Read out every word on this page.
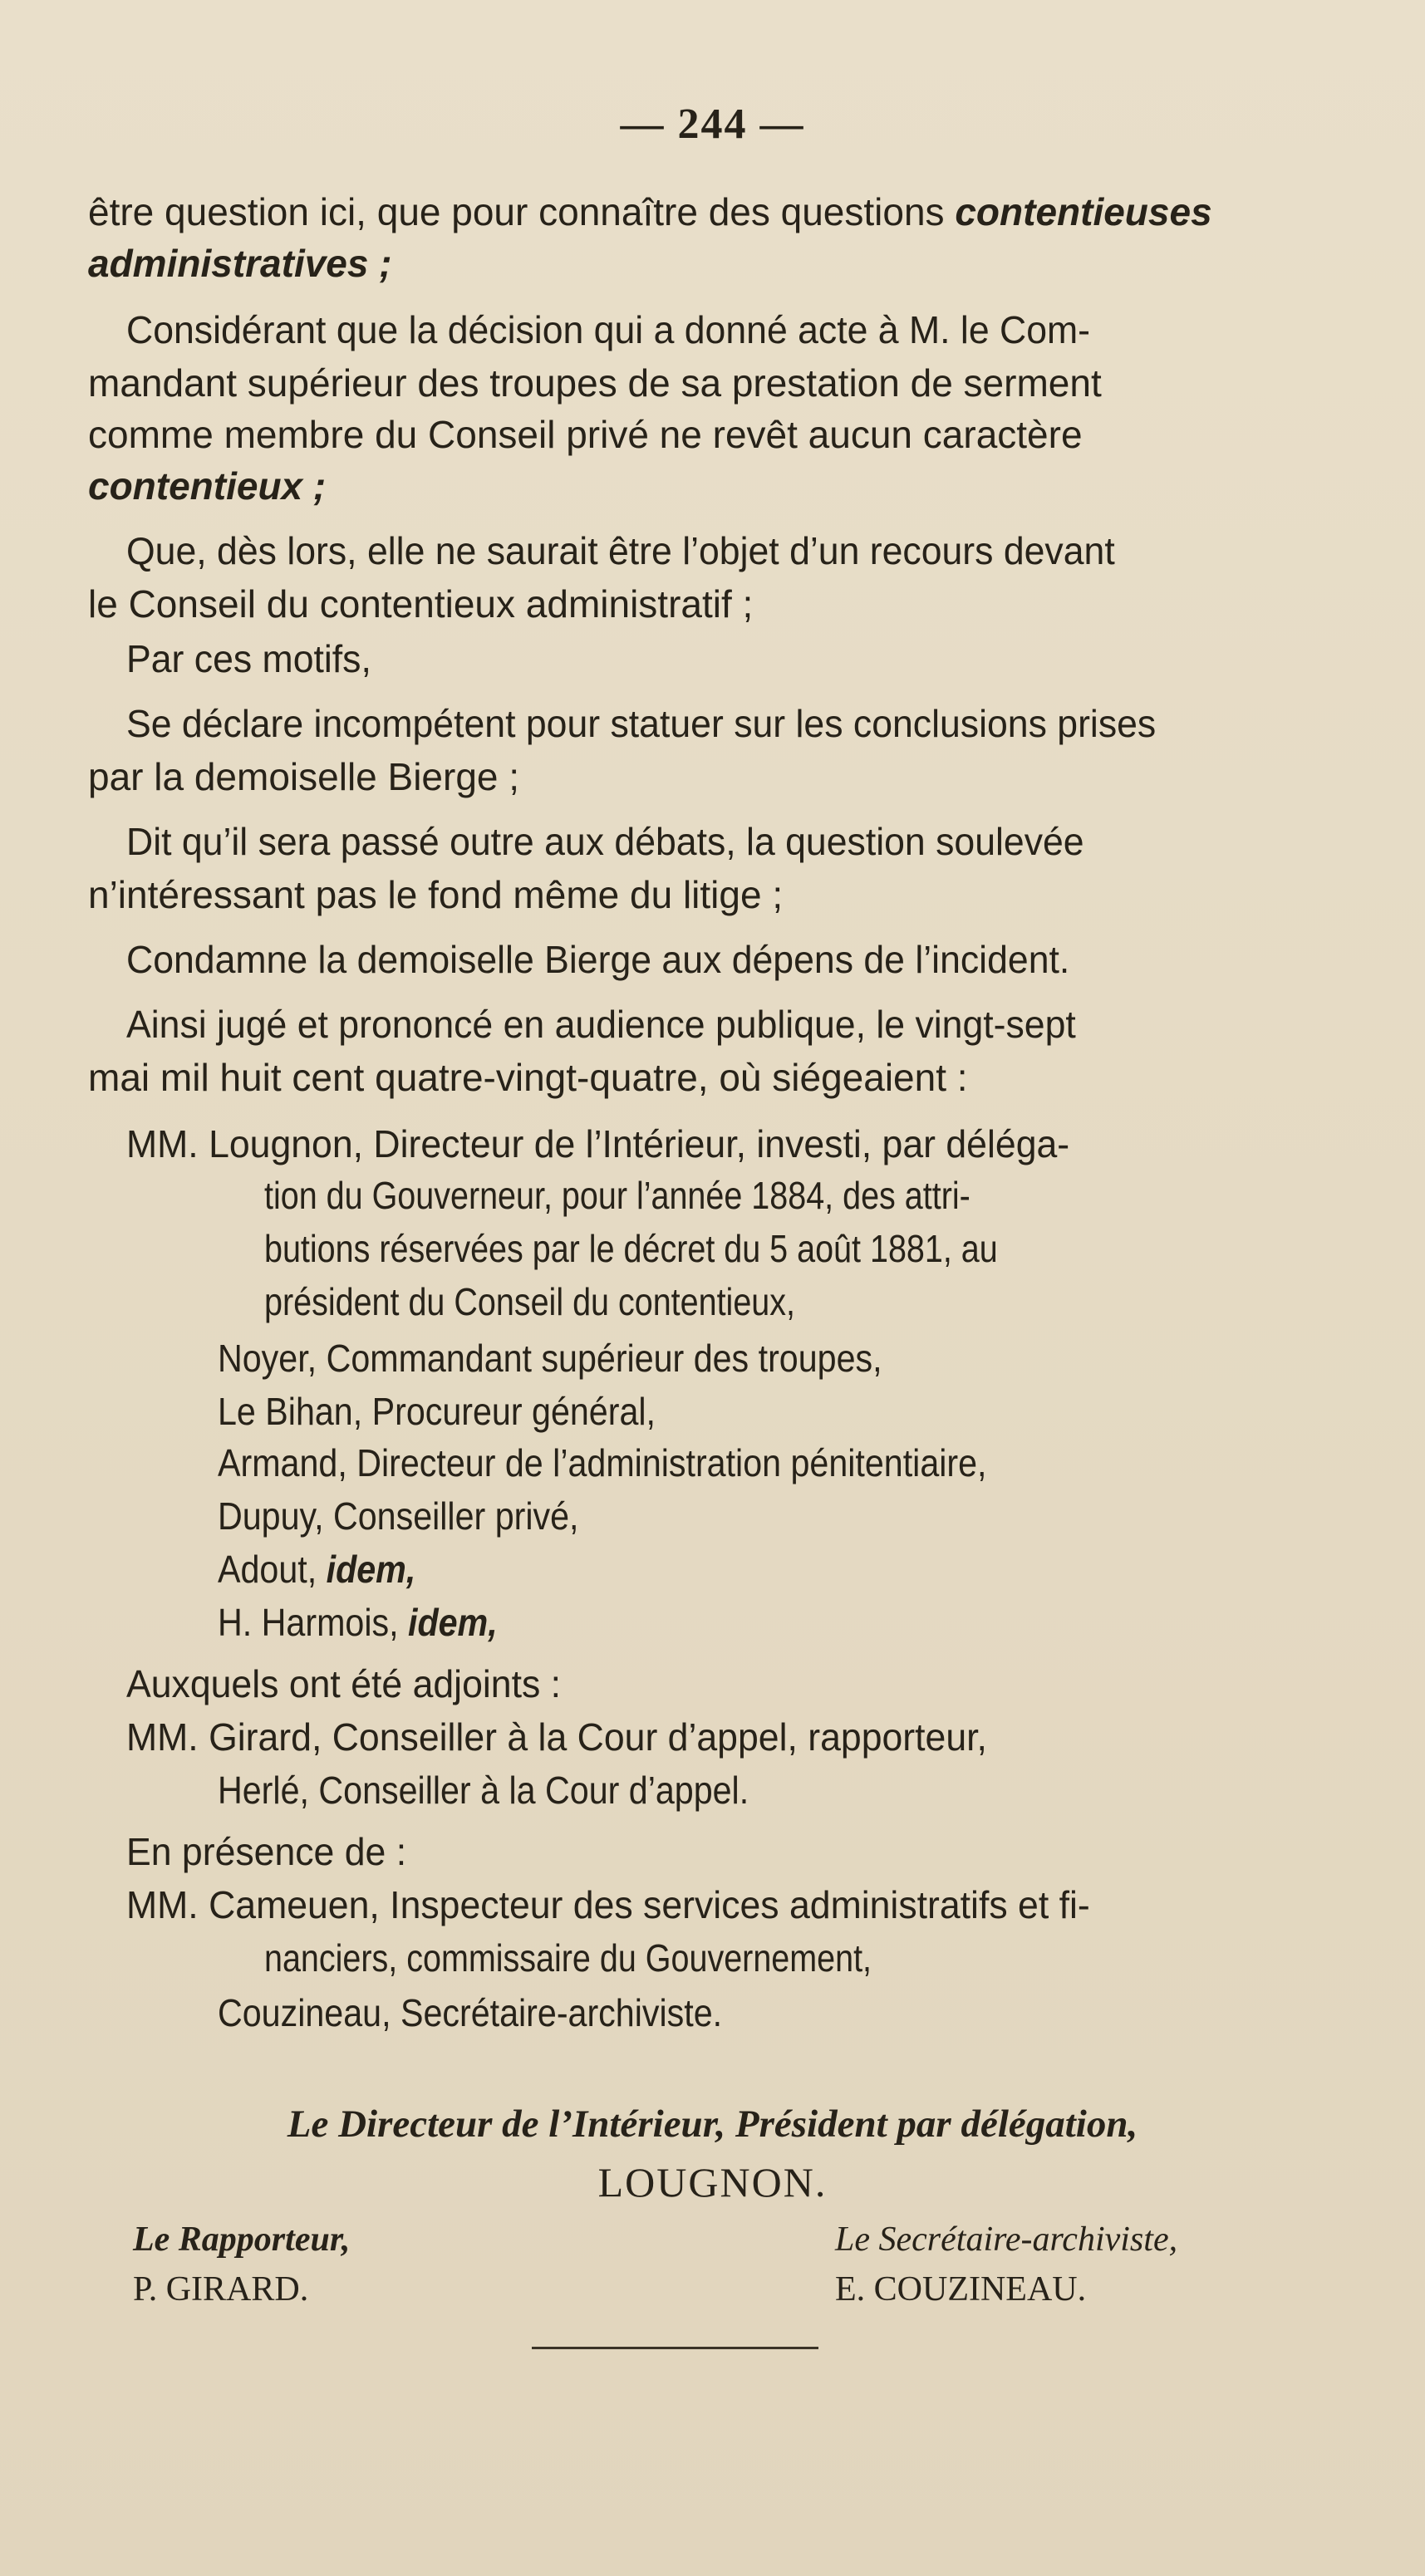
— 244 —
être question ici, que pour connaître des questions contentieuses
administratives ;
Considérant que la décision qui a donné acte à M. le Com-
mandant supérieur des troupes de sa prestation de serment
comme membre du Conseil privé ne revêt aucun caractère
contentieux ;
Que, dès lors, elle ne saurait être l’objet d’un recours devant
le Conseil du contentieux administratif ;
Par ces motifs,
Se déclare incompétent pour statuer sur les conclusions prises
par la demoiselle Bierge ;
Dit qu’il sera passé outre aux débats, la question soulevée
n’intéressant pas le fond même du litige ;
Condamne la demoiselle Bierge aux dépens de l’incident.
Ainsi jugé et prononcé en audience publique, le vingt-sept
mai mil huit cent quatre-vingt-quatre, où siégeaient :
MM. Lougnon, Directeur de l’Intérieur, investi, par déléga-
tion du Gouverneur, pour l’année 1884, des attri-
butions réservées par le décret du 5 août 1881, au
président du Conseil du contentieux,
Noyer, Commandant supérieur des troupes,
Le Bihan, Procureur général,
Armand, Directeur de l’administration pénitentiaire,
Dupuy, Conseiller privé,
Adout, idem,
H. Harmois, idem,
Auxquels ont été adjoints :
MM. Girard, Conseiller à la Cour d’appel, rapporteur,
Herlé, Conseiller à la Cour d’appel.
En présence de :
MM. Cameuen, Inspecteur des services administratifs et fi-
nanciers, commissaire du Gouvernement,
Couzineau, Secrétaire-archiviste.
Le Directeur de l’Intérieur, Président par délégation,
LOUGNON.
Le Rapporteur,	Le Secrétaire-archiviste,
P. GIRARD.	E. COUZINEAU.
